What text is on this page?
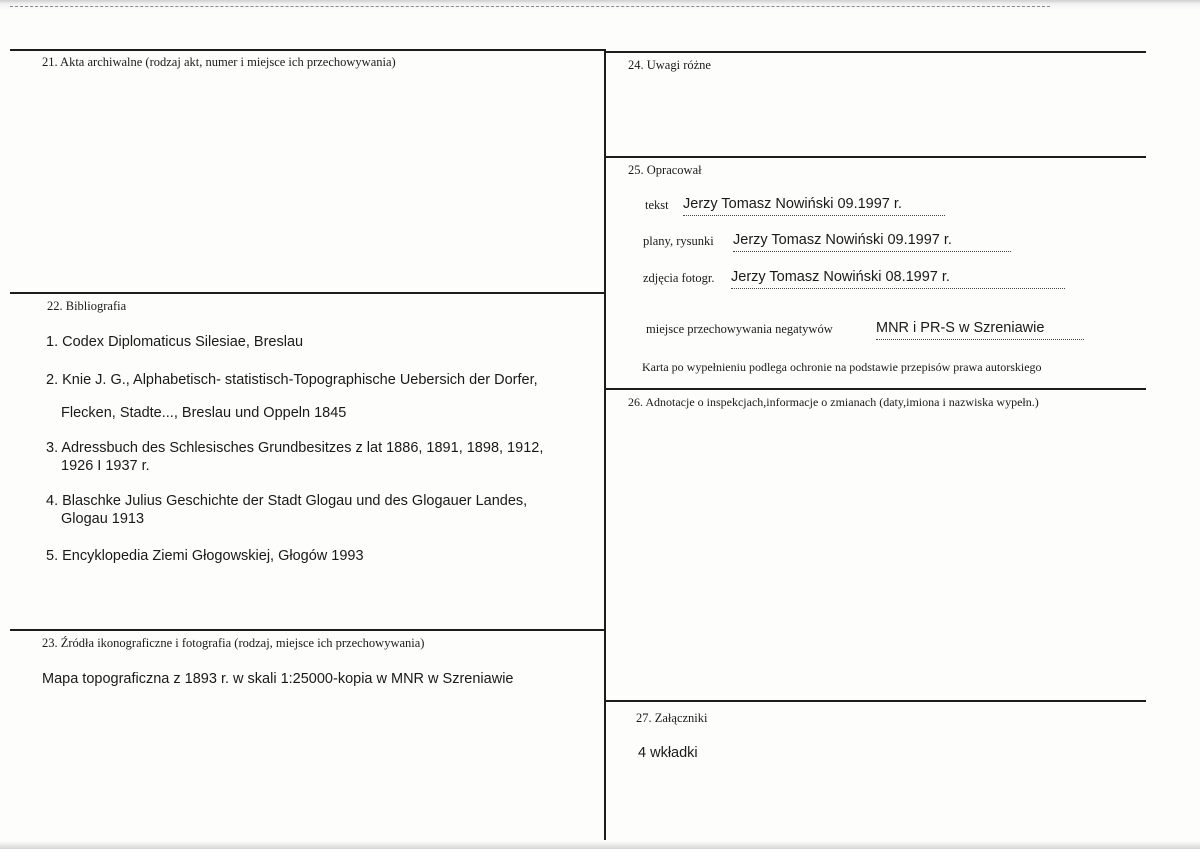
21. Akta archiwalne (rodzaj akt, numer i miejsce ich przechowywania)
22. Bibliografia
1. Codex Diplomaticus Silesiae, Breslau
2. Knie J. G., Alphabetisch- statistisch-Topographische Uebersich der Dorfer,
Flecken, Stadte..., Breslau und Oppeln 1845
3. Adressbuch des Schlesisches Grundbesitzes z lat 1886, 1891, 1898, 1912,
1926 I 1937 r.
4. Blaschke Julius Geschichte der Stadt Glogau und des Glogauer Landes,
Glogau 1913
5. Encyklopedia Ziemi Głogowskiej, Głogów 1993
23. Źródła ikonograficzne i fotografia (rodzaj, miejsce ich przechowywania)
Mapa topograficzna z 1893 r. w skali 1:25000-kopia w MNR w Szreniawie
24. Uwagi różne
25. Opracował
tekst Jerzy Tomasz Nowiński 09.1997 r.
plany, rysunki Jerzy Tomasz Nowiński 09.1997 r.
zdjęcia fotogr. Jerzy Tomasz Nowiński 08.1997 r.
miejsce przechowywania negatywów	MNR i PR-S w Szreniawie
Karta po wypełnieniu podlega ochronie na podstawie przepisów prawa autorskiego
26. Adnotacje o inspekcjach,informacje o zmianach (daty,imiona i nazwiska wypełn.)
27. Załączniki
4 wkładki
